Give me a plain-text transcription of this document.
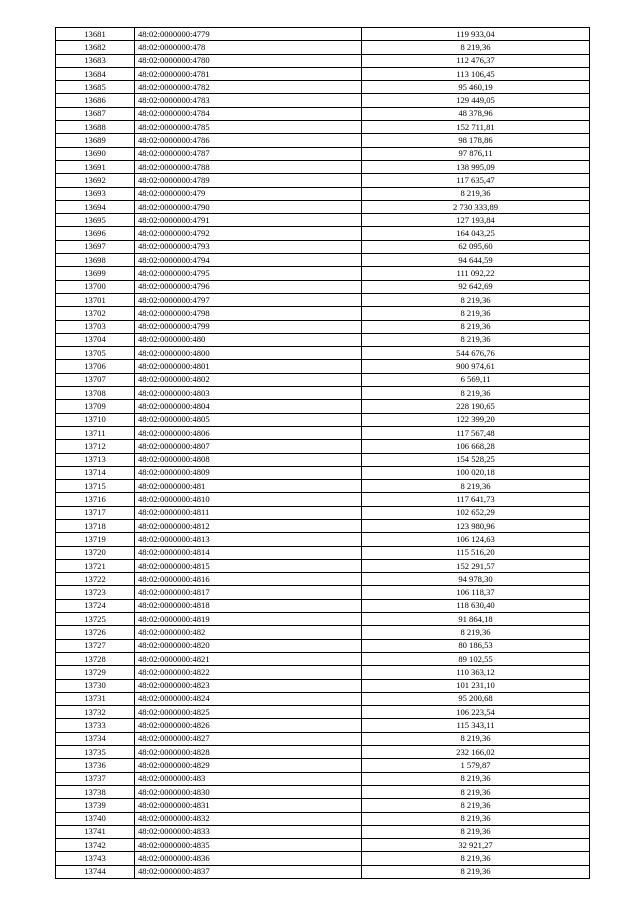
13681	48:02:0000000:4779	119 933,04
13682	48:02:0000000:478	8 219,36
13683	48:02:0000000:4780	112 476,37
13684	48:02:0000000:4781	113 106,45
13685	48:02:0000000:4782	95 460,19
13686	48:02:0000000:4783	129 449,05
13687	48:02:0000000:4784	48 378,96
13688	48:02:0000000:4785	152 711,81
13689	48:02:0000000:4786	98 178,86
13690	48:02:0000000:4787	97 876,11
13691	48:02:0000000:4788	138 995,09
13692	48:02:0000000:4789	117 635,47
13693	48:02:0000000:479	8 219,36
13694	48:02:0000000:4790	2 730 333,89
13695	48:02:0000000:4791	127 193,84
13696	48:02:0000000:4792	164 043,25
13697	48:02:0000000:4793	62 095,60
13698	48:02:0000000:4794	94 644,59
13699	48:02:0000000:4795	111 092,22
13700	48:02:0000000:4796	92 642,69
13701	48:02:0000000:4797	8 219,36
13702	48:02:0000000:4798	8 219,36
13703	48:02:0000000:4799	8 219,36
13704	48:02:0000000:480	8 219,36
13705	48:02:0000000:4800	544 676,76
13706	48:02:0000000:4801	900 974,61
13707	48:02:0000000:4802	6 569,11
13708	48:02:0000000:4803	8 219,36
13709	48:02:0000000:4804	228 190,65
13710	48:02:0000000:4805	122 399,20
13711	48:02:0000000:4806	117 567,48
13712	48:02:0000000:4807	106 668,28
13713	48:02:0000000:4808	154 528,25
13714	48:02:0000000:4809	100 020,18
13715	48:02:0000000:481	8 219,36
13716	48:02:0000000:4810	117 641,73
13717	48:02:0000000:4811	102 652,29
13718	48:02:0000000:4812	123 980,96
13719	48:02:0000000:4813	106 124,63
13720	48:02:0000000:4814	115 516,20
13721	48:02:0000000:4815	152 291,57
13722	48:02:0000000:4816	94 978,30
13723	48:02:0000000:4817	106 118,37
13724	48:02:0000000:4818	118 630,40
13725	48:02:0000000:4819	91 864,18
13726	48:02:0000000:482	8 219,36
13727	48:02:0000000:4820	80 186,53
13728	48:02:0000000:4821	89 102,55
13729	48:02:0000000:4822	110 363,12
13730	48:02:0000000:4823	101 231,10
13731	48:02:0000000:4824	95 200,68
13732	48:02:0000000:4825	106 223,54
13733	48:02:0000000:4826	115 343,11
13734	48:02:0000000:4827	8 219,36
13735	48:02:0000000:4828	232 166,02
13736	48:02:0000000:4829	1 579,87
13737	48:02:0000000:483	8 219,36
13738	48:02:0000000:4830	8 219,36
13739	48:02:0000000:4831	8 219,36
13740	48:02:0000000:4832	8 219,36
13741	48:02:0000000:4833	8 219,36
13742	48:02:0000000:4835	32 921,27
13743	48:02:0000000:4836	8 219,36
13744	48:02:0000000:4837	8 219,36
